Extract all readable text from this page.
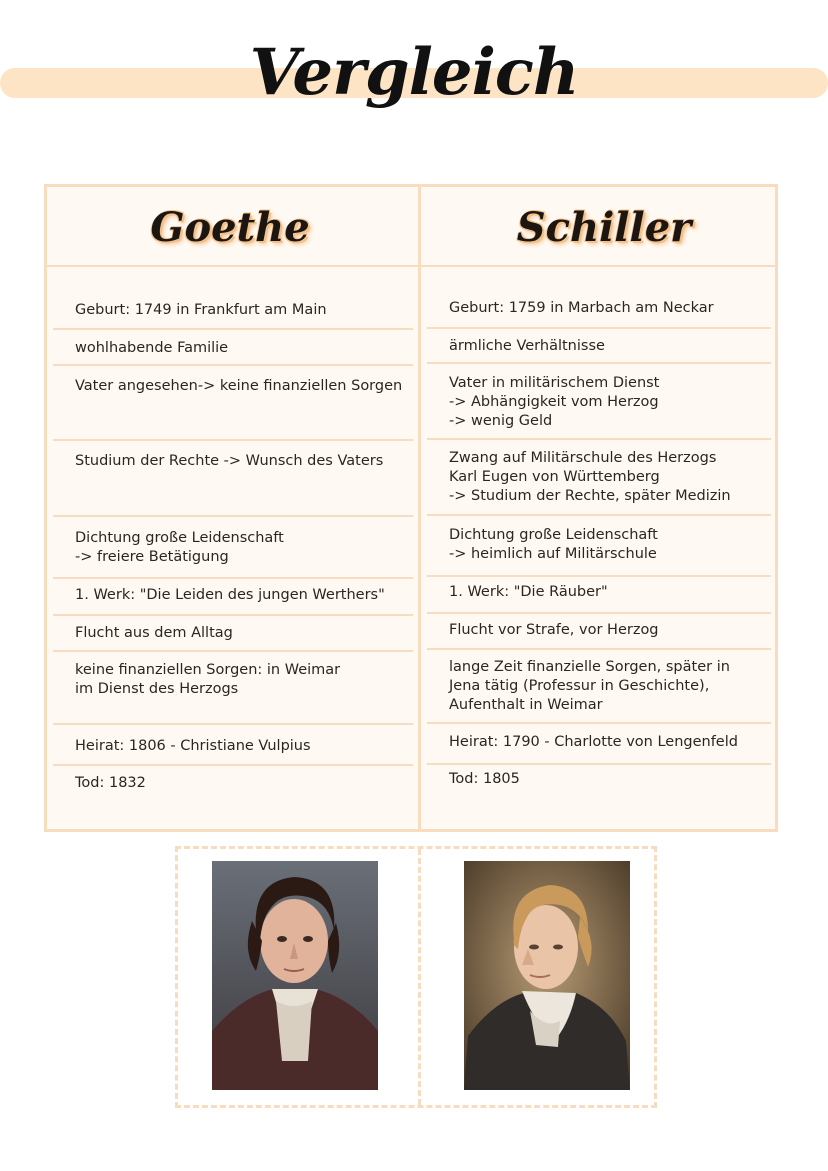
Vergleich
Goethe	Schiller
Geburt: 1749 in Frankfurt am Main
wohlhabende Familie
Vater angesehen-> keine finanziellen Sorgen
Studium der Rechte -> Wunsch des Vaters
Dichtung große Leidenschaft
-> freiere Betätigung
1. Werk: "Die Leiden des jungen Werthers"
Flucht aus dem Alltag
keine finanziellen Sorgen: in Weimar
im Dienst des Herzogs
Heirat: 1806 - Christiane Vulpius
Tod: 1832
Geburt: 1759 in Marbach am Neckar
ärmliche Verhältnisse
Vater in militärischem Dienst
-> Abhängigkeit vom Herzog
-> wenig Geld
Zwang auf Militärschule des Herzogs
Karl Eugen von Württemberg
-> Studium der Rechte, später Medizin
Dichtung große Leidenschaft
-> heimlich auf Militärschule
1. Werk: "Die Räuber"
Flucht vor Strafe, vor Herzog
lange Zeit finanzielle Sorgen, später in
Jena tätig (Professur in Geschichte),
Aufenthalt in Weimar
Heirat: 1790 - Charlotte von Lengenfeld
Tod: 1805
